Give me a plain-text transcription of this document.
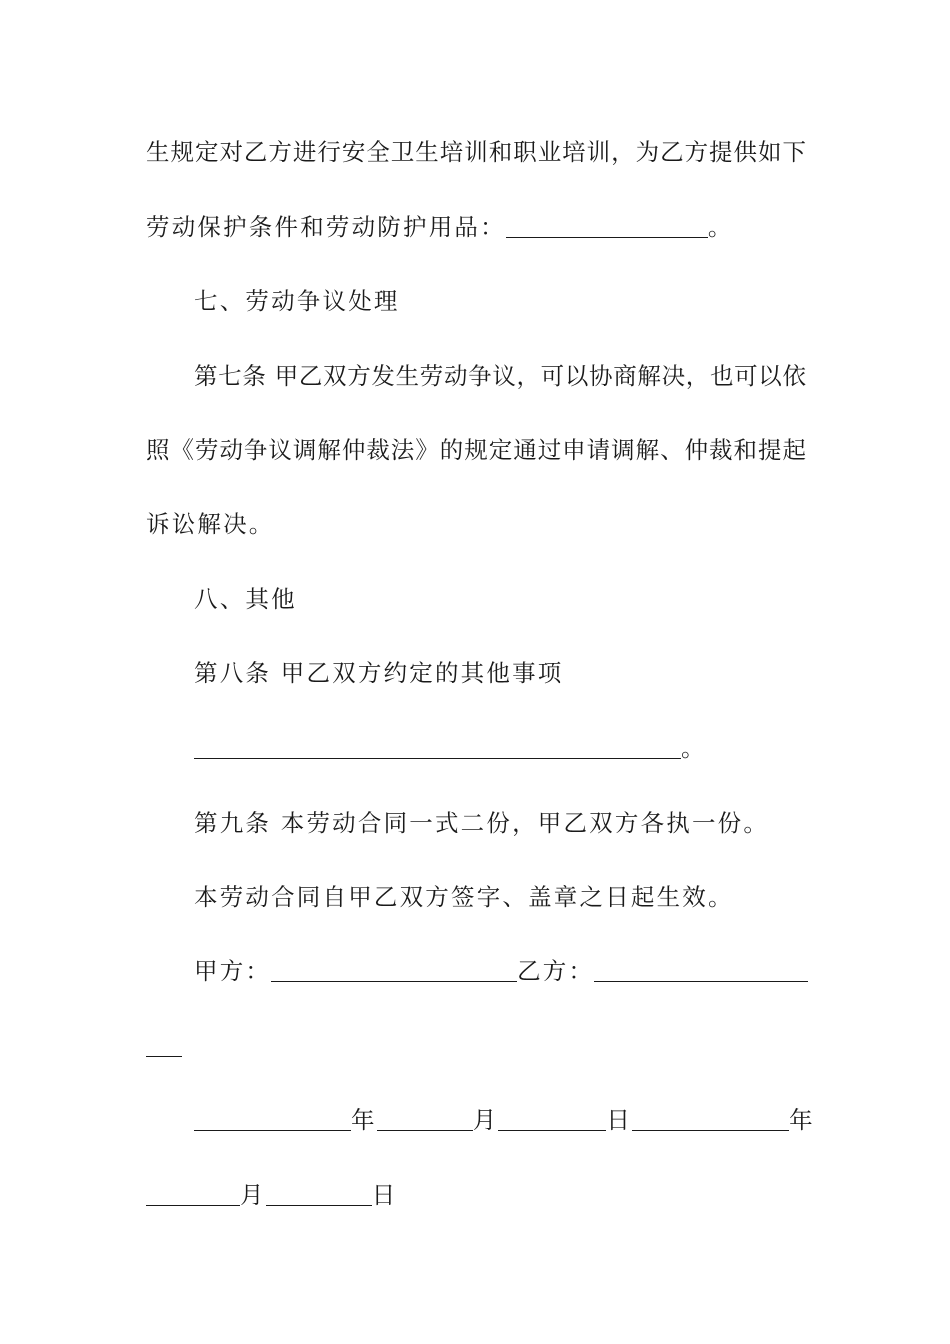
生规定对乙方进行安全卫生培训和职业培训，为乙方提供如下
劳动保护条件和劳动防护用品：	。
七、劳动争议处理
第七条 甲乙双方发生劳动争议，可以协商解决，也可以依
照《劳动争议调解仲裁法》的规定通过申请调解、仲裁和提起
诉讼解决。
八、其他
第八条 甲乙双方约定的其他事项
。
第九条 本劳动合同一式二份，甲乙双方各执一份。
本劳动合同自甲乙双方签字、盖章之日起生效。
甲方：	乙方：
年	月	日	年
月	日
